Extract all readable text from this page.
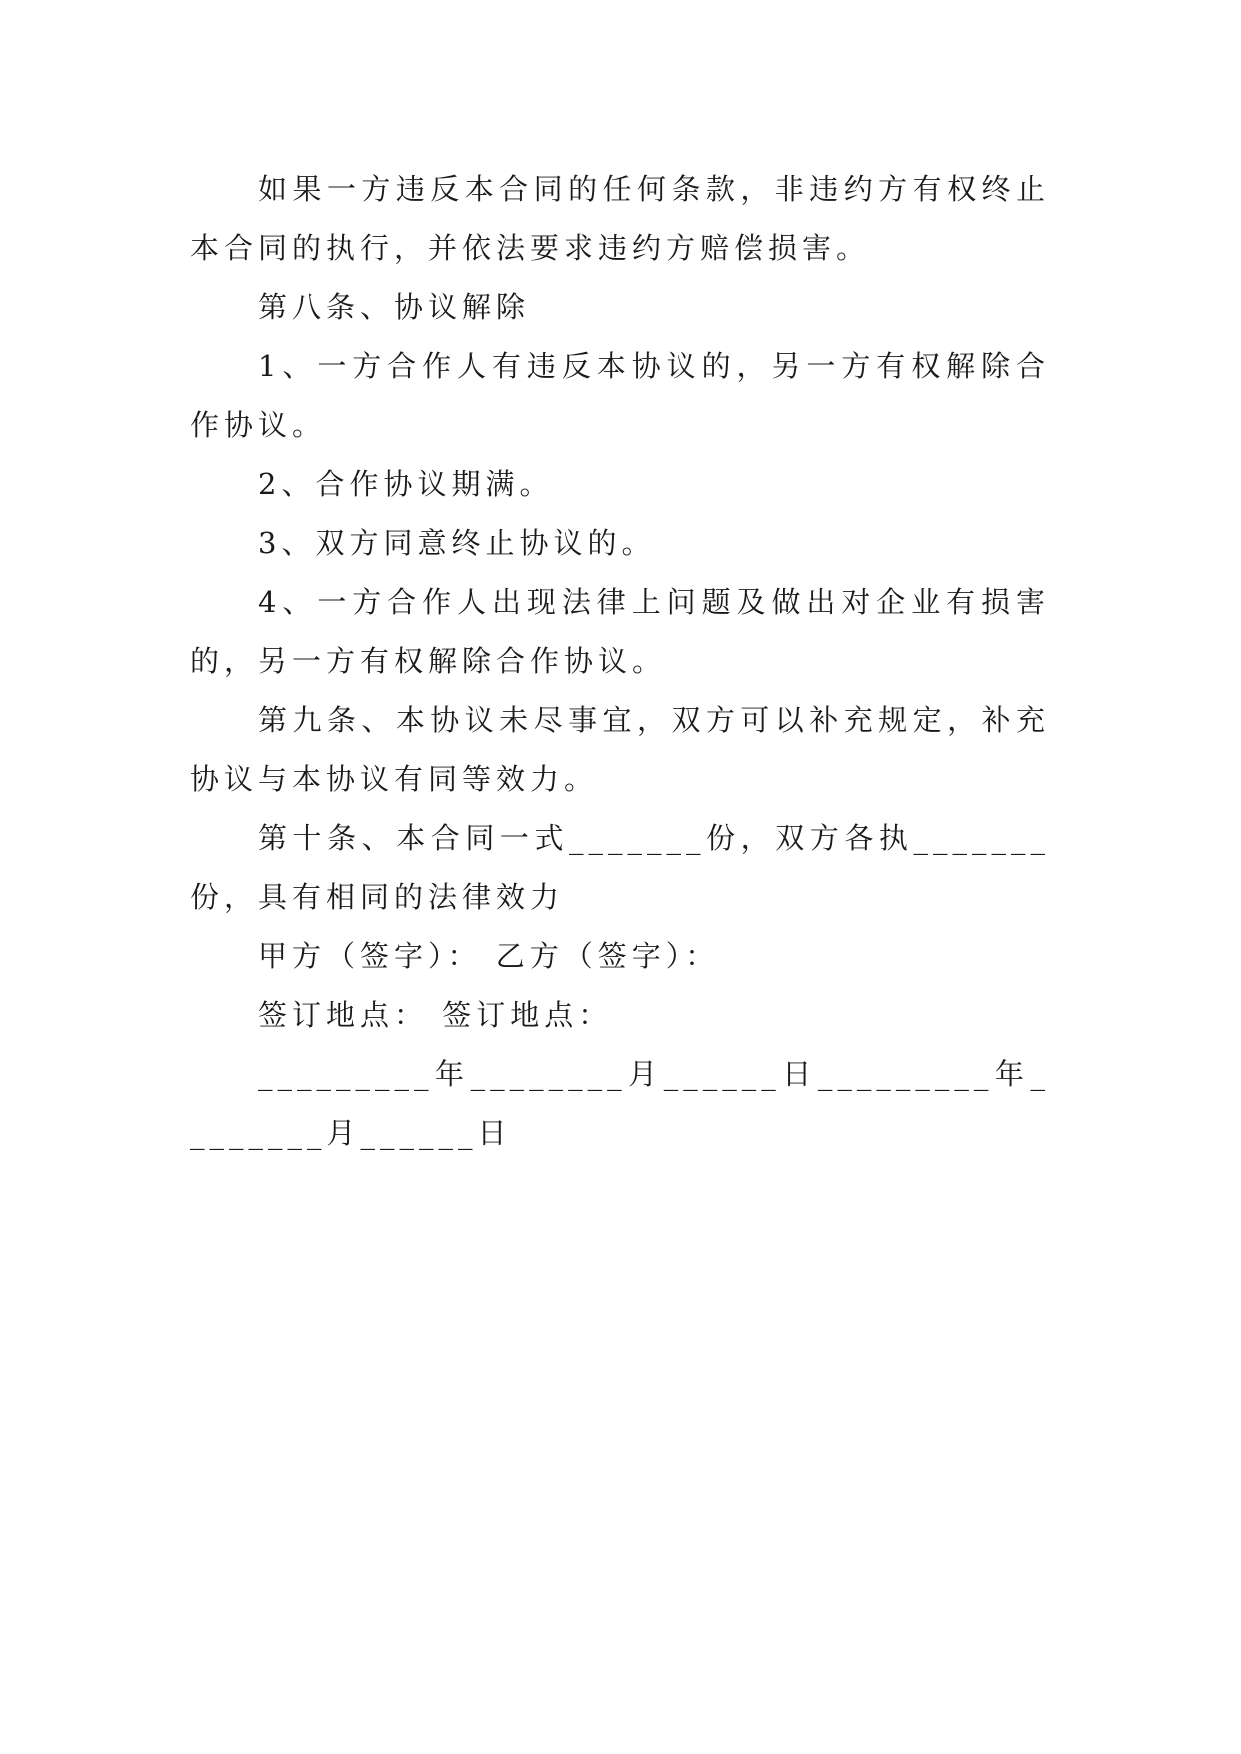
如果一方违反本合同的任何条款，非违约方有权终止本合同的执行，并依法要求违约方赔偿损害。

第八条、协议解除

1、一方合作人有违反本协议的，另一方有权解除合作协议。

2、合作协议期满。

3、双方同意终止协议的。

4、一方合作人出现法律上问题及做出对企业有损害的，另一方有权解除合作协议。

第九条、本协议未尽事宜，双方可以补充规定，补充协议与本协议有同等效力。

第十条、本合同一式_______份，双方各执_______份，具有相同的法律效力

甲方（签字）： 乙方（签字）：

签订地点： 签订地点：

_________年________月______日_________年________月______日
